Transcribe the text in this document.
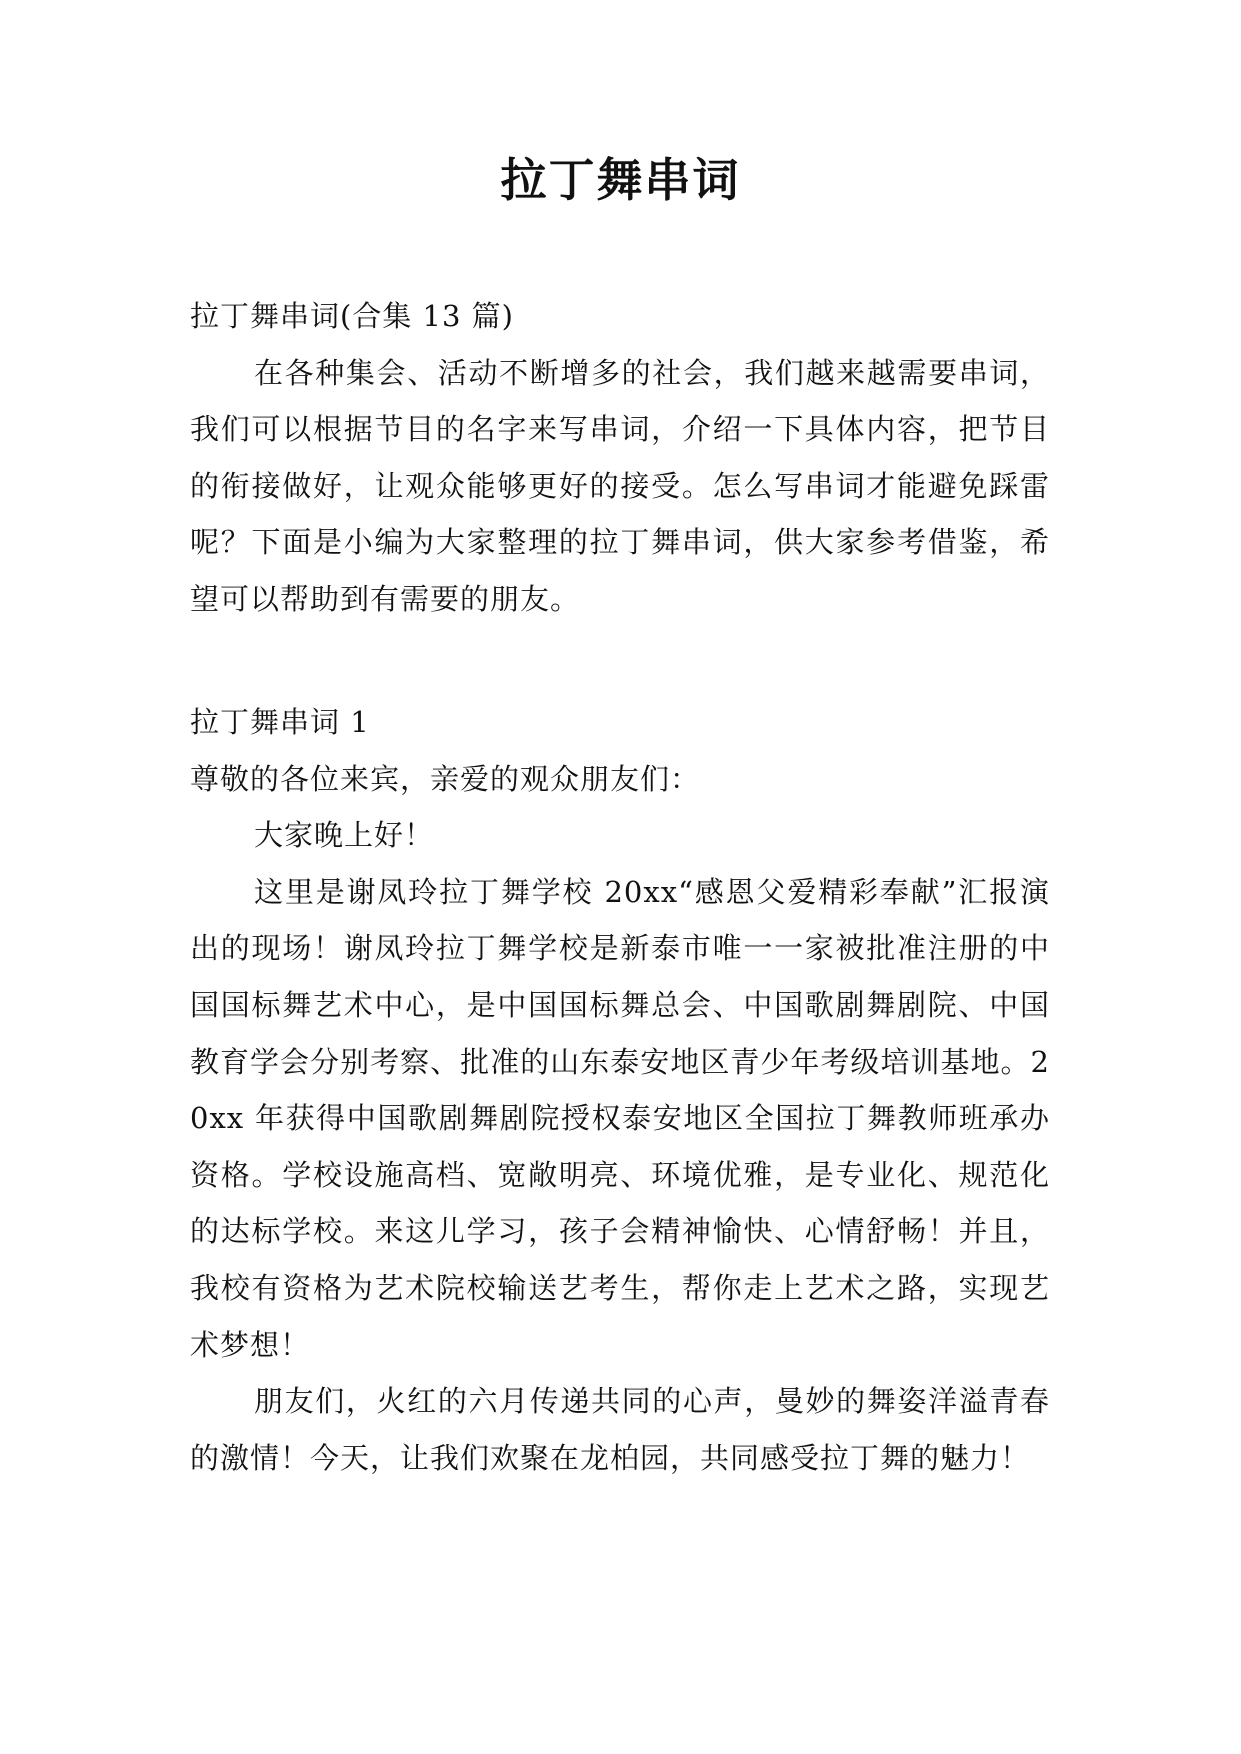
拉丁舞串词
拉丁舞串词(合集 13 篇)
在各种集会、活动不断增多的社会，我们越来越需要串词，我们可以根据节目的名字来写串词，介绍一下具体内容，把节目的衔接做好，让观众能够更好的接受。怎么写串词才能避免踩雷呢？下面是小编为大家整理的拉丁舞串词，供大家参考借鉴，希望可以帮助到有需要的朋友。
拉丁舞串词 1
尊敬的各位来宾，亲爱的观众朋友们：
大家晚上好！
这里是谢凤玲拉丁舞学校 20xx“感恩父爱精彩奉献”汇报演出的现场！谢凤玲拉丁舞学校是新泰市唯一一家被批准注册的中国国标舞艺术中心，是中国国标舞总会、中国歌剧舞剧院、中国教育学会分别考察、批准的山东泰安地区青少年考级培训基地。20xx 年获得中国歌剧舞剧院授权泰安地区全国拉丁舞教师班承办资格。学校设施高档、宽敞明亮、环境优雅，是专业化、规范化的达标学校。来这儿学习，孩子会精神愉快、心情舒畅！并且，我校有资格为艺术院校输送艺考生，帮你走上艺术之路，实现艺术梦想！
朋友们，火红的六月传递共同的心声，曼妙的舞姿洋溢青春的激情！今天，让我们欢聚在龙柏园，共同感受拉丁舞的魅力！
